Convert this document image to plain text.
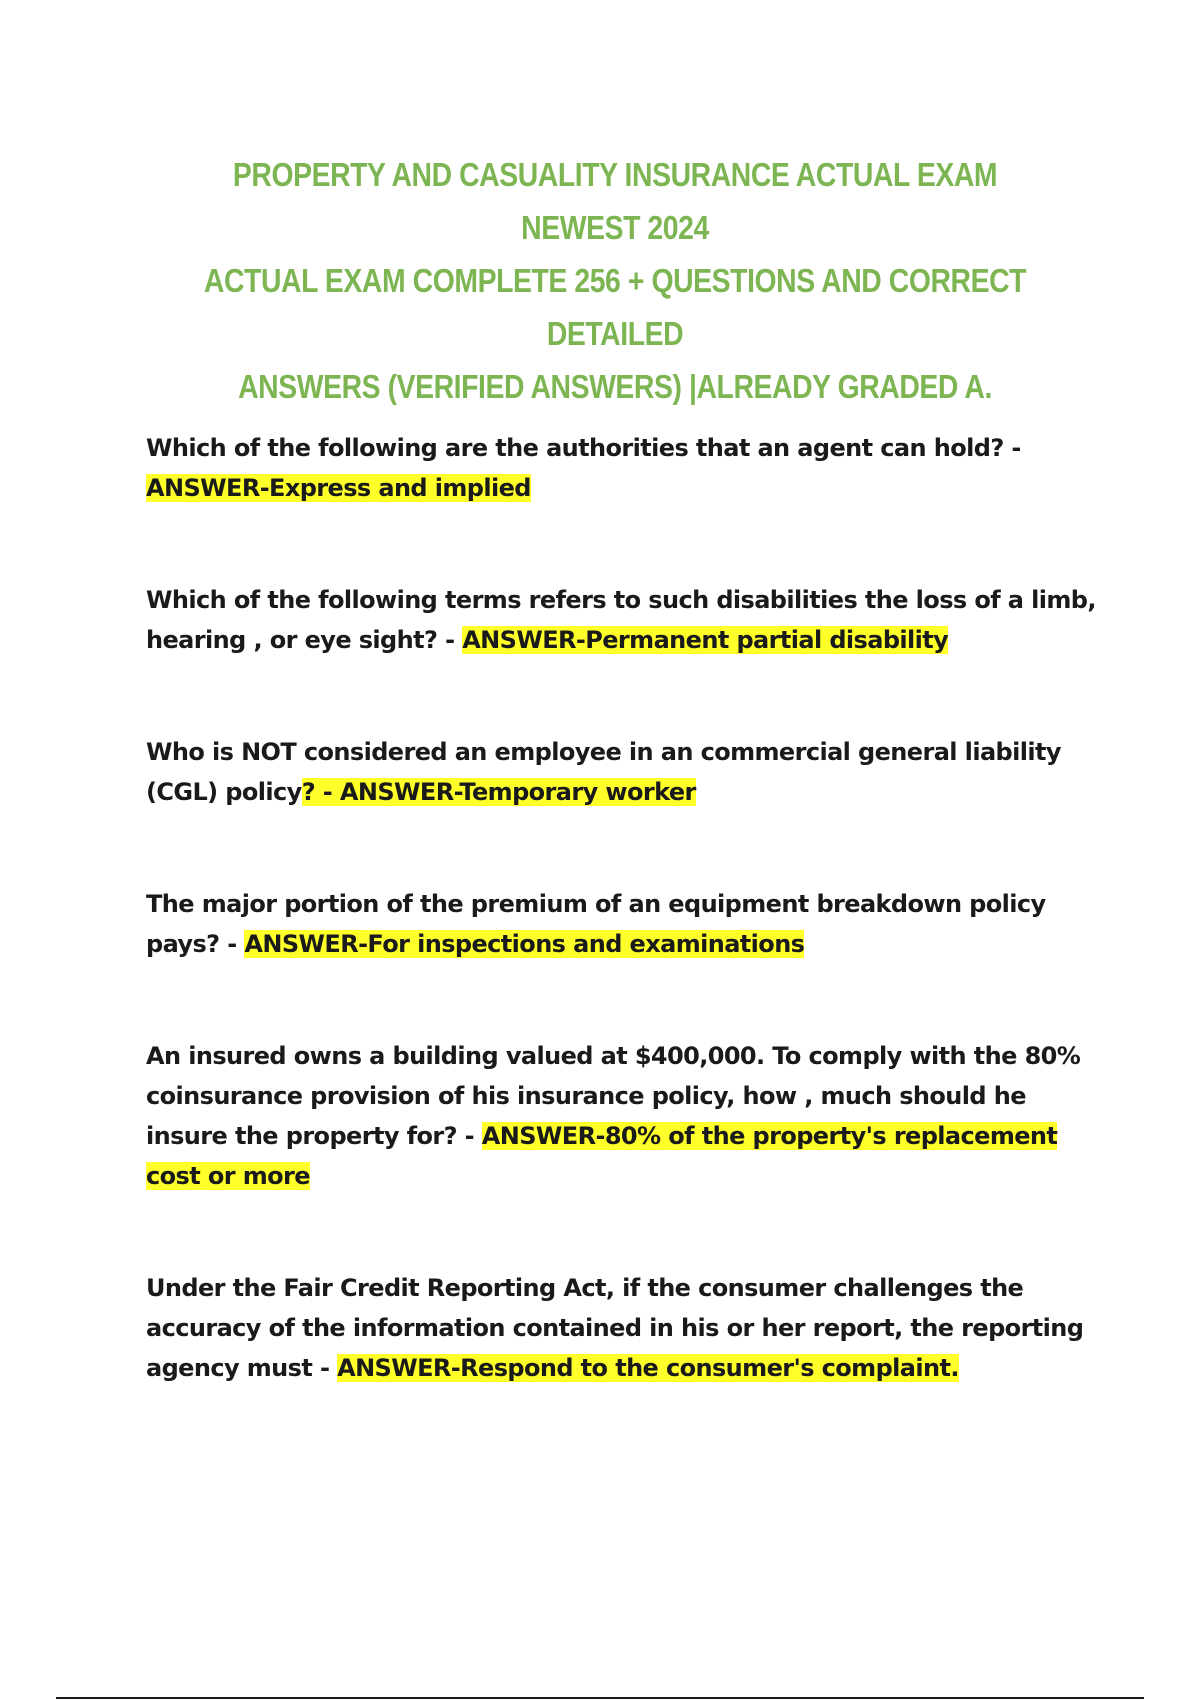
PROPERTY AND CASUALITY INSURANCE ACTUAL EXAM NEWEST 2024
ACTUAL EXAM COMPLETE 256 + QUESTIONS AND CORRECT DETAILED
ANSWERS (VERIFIED ANSWERS) |ALREADY GRADED A.

Which of the following are the authorities that an agent can hold? - ANSWER-Express and implied

Which of the following terms refers to such disabilities the loss of a limb, hearing , or eye sight? - ANSWER-Permanent partial disability

Who is NOT considered an employee in an commercial general liability (CGL) policy? - ANSWER-Temporary worker

The major portion of the premium of an equipment breakdown policy pays? - ANSWER-For inspections and examinations

An insured owns a building valued at $400,000. To comply with the 80% coinsurance provision of his insurance policy, how , much should he insure the property for? - ANSWER-80% of the property's replacement cost or more

Under the Fair Credit Reporting Act, if the consumer challenges the accuracy of the information contained in his or her report, the reporting agency must - ANSWER-Respond to the consumer's complaint.
